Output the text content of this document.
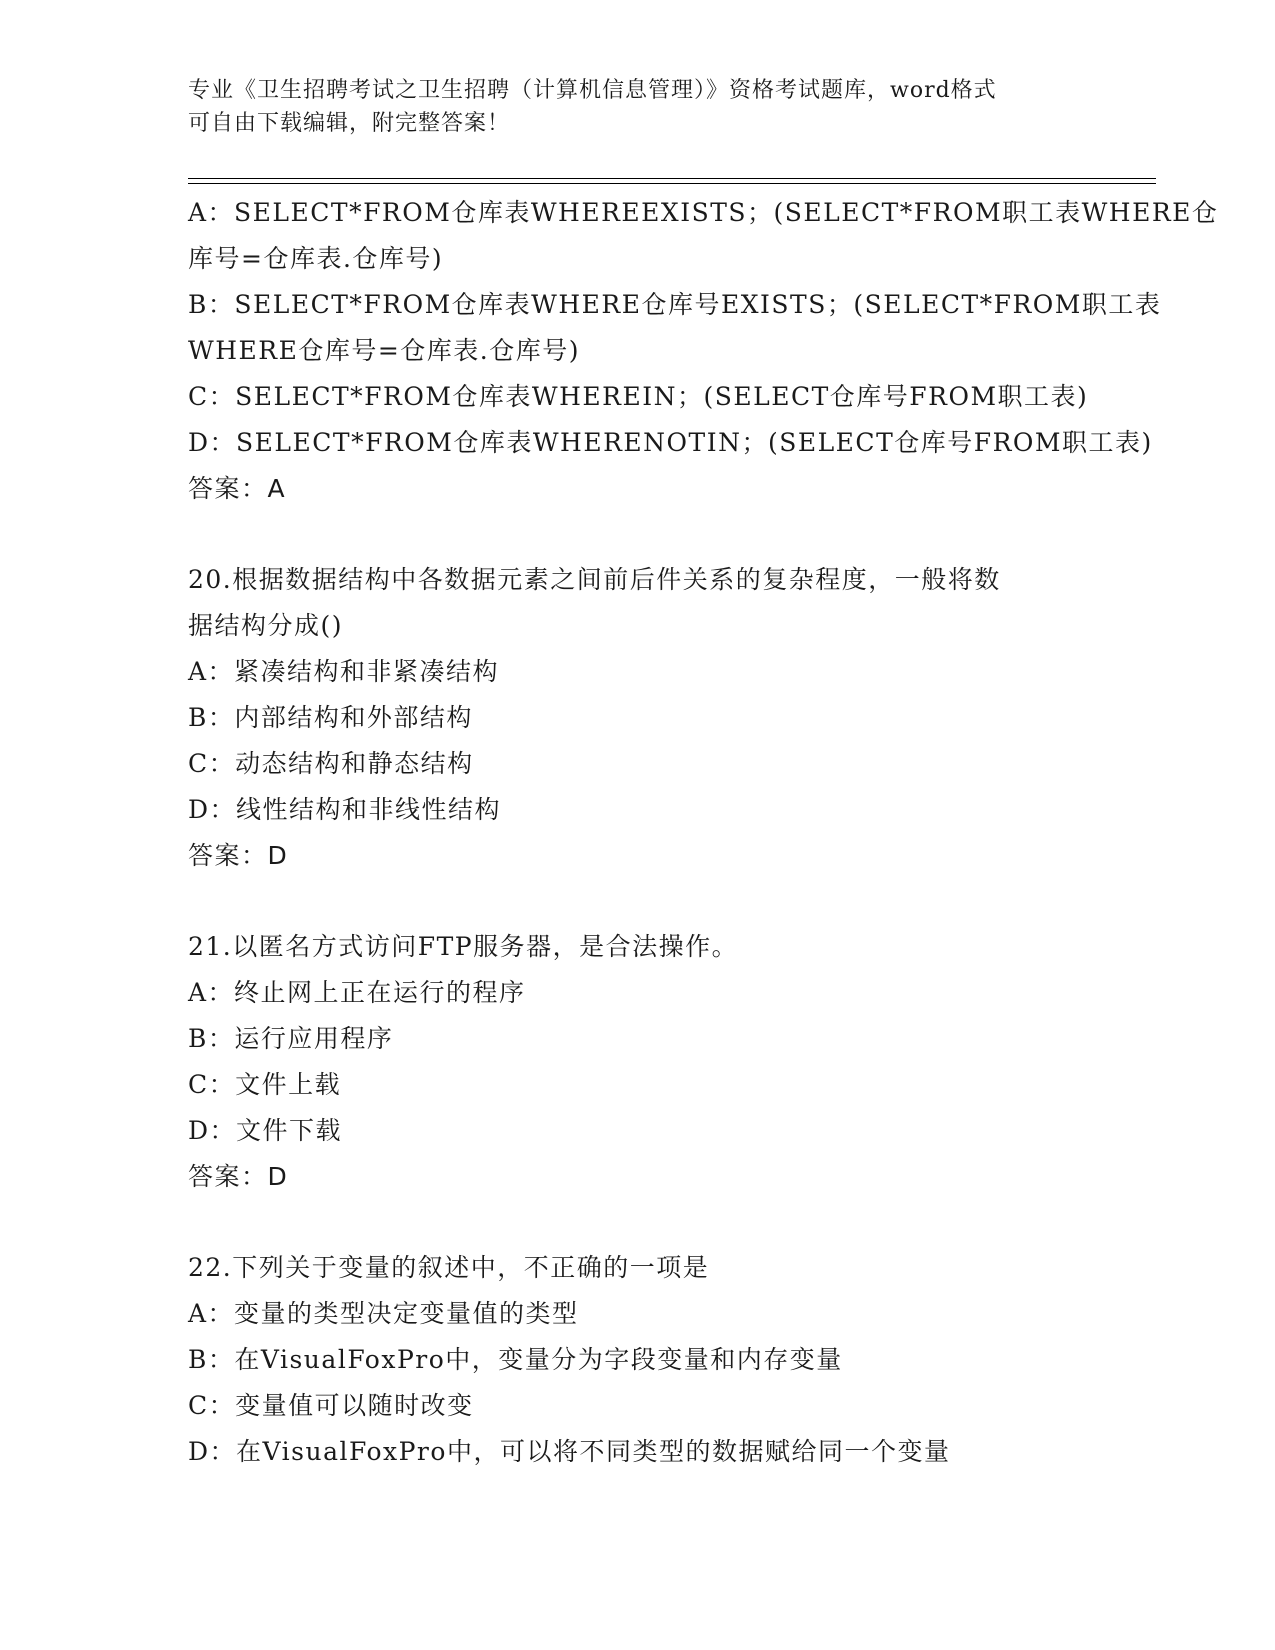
专业《卫生招聘考试之卫生招聘（计算机信息管理）》资格考试题库，word格式
可自由下载编辑，附完整答案！
A：SELECT*FROM仓库表WHEREEXISTS；(SELECT*FROM职工表WHERE仓
库号=仓库表.仓库号)
B：SELECT*FROM仓库表WHERE仓库号EXISTS；(SELECT*FROM职工表
WHERE仓库号=仓库表.仓库号)
C：SELECT*FROM仓库表WHEREIN；(SELECT仓库号FROM职工表)
D：SELECT*FROM仓库表WHERENOTIN；(SELECT仓库号FROM职工表)
答案：A
20.根据数据结构中各数据元素之间前后件关系的复杂程度，一般将数
据结构分成()
A：紧凑结构和非紧凑结构
B：内部结构和外部结构
C：动态结构和静态结构
D：线性结构和非线性结构
答案：D
21.以匿名方式访问FTP服务器，是合法操作。
A：终止网上正在运行的程序
B：运行应用程序
C：文件上载
D：文件下载
答案：D
22.下列关于变量的叙述中，不正确的一项是
A：变量的类型决定变量值的类型
B：在VisualFoxPro中，变量分为字段变量和内存变量
C：变量值可以随时改变
D：在VisualFoxPro中，可以将不同类型的数据赋给同一个变量
